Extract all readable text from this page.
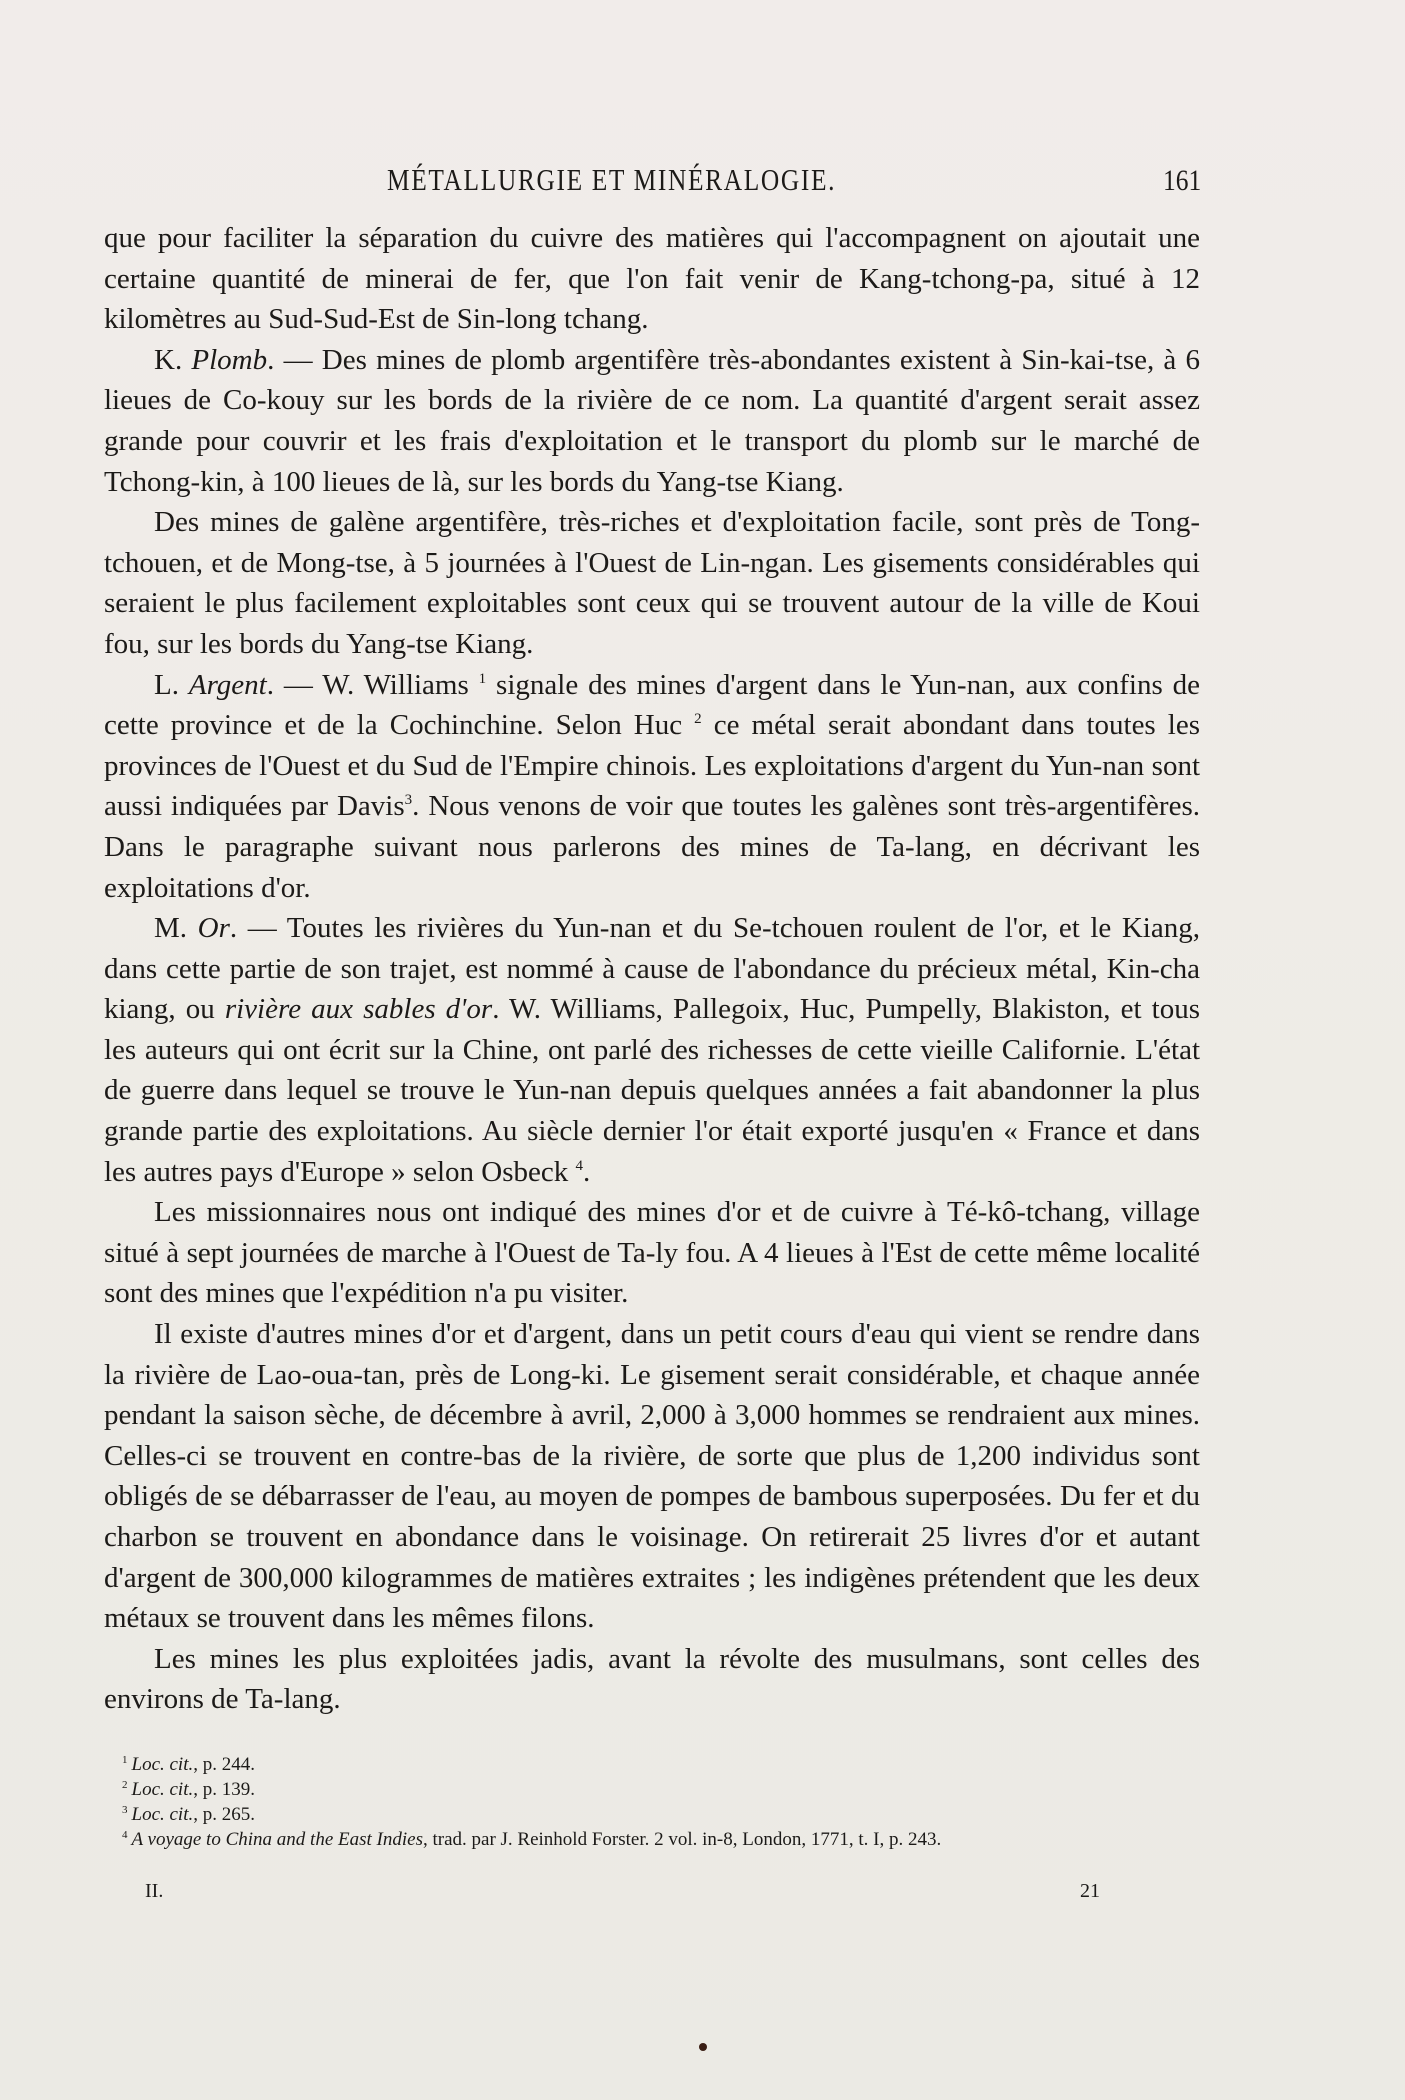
MÉTALLURGIE ET MINÉRALOGIE.	161

que pour faciliter la séparation du cuivre des matières qui l'accompagnent on ajoutait une certaine quantité de minerai de fer, que l'on fait venir de Kang-tchong-pa, situé à 12 kilomètres au Sud-Sud-Est de Sin-long tchang.

K. Plomb. — Des mines de plomb argentifère très-abondantes existent à Sin-kai-tse, à 6 lieues de Co-kouy sur les bords de la rivière de ce nom. La quantité d'argent serait assez grande pour couvrir et les frais d'exploitation et le transport du plomb sur le marché de Tchong-kin, à 100 lieues de là, sur les bords du Yang-tse Kiang.

Des mines de galène argentifère, très-riches et d'exploitation facile, sont près de Tong-tchouen, et de Mong-tse, à 5 journées à l'Ouest de Lin-ngan. Les gisements considérables qui seraient le plus facilement exploitables sont ceux qui se trouvent autour de la ville de Koui fou, sur les bords du Yang-tse Kiang.

L. Argent. — W. Williams $^1$ signale des mines d'argent dans le Yun-nan, aux confins de cette province et de la Cochinchine. Selon Huc $^2$ ce métal serait abondant dans toutes les provinces de l'Ouest et du Sud de l'Empire chinois. Les exploitations d'argent du Yun-nan sont aussi indiquées par Davis$^3$. Nous venons de voir que toutes les galènes sont très-argentifères. Dans le paragraphe suivant nous parlerons des mines de Ta-lang, en décrivant les exploitations d'or.

M. Or. — Toutes les rivières du Yun-nan et du Se-tchouen roulent de l'or, et le Kiang, dans cette partie de son trajet, est nommé à cause de l'abondance du précieux métal, Kin-cha kiang, ou rivière aux sables d'or. W. Williams, Pallegoix, Huc, Pumpelly, Blakiston, et tous les auteurs qui ont écrit sur la Chine, ont parlé des richesses de cette vieille Californie. L'état de guerre dans lequel se trouve le Yun-nan depuis quelques années a fait abandonner la plus grande partie des exploitations. Au siècle dernier l'or était exporté jusqu'en « France et dans les autres pays d'Europe » selon Osbeck $^4$.

Les missionnaires nous ont indiqué des mines d'or et de cuivre à Té-kô-tchang, village situé à sept journées de marche à l'Ouest de Ta-ly fou. A 4 lieues à l'Est de cette même localité sont des mines que l'expédition n'a pu visiter.

Il existe d'autres mines d'or et d'argent, dans un petit cours d'eau qui vient se rendre dans la rivière de Lao-oua-tan, près de Long-ki. Le gisement serait considérable, et chaque année pendant la saison sèche, de décembre à avril, 2,000 à 3,000 hommes se rendraient aux mines. Celles-ci se trouvent en contre-bas de la rivière, de sorte que plus de 1,200 individus sont obligés de se débarrasser de l'eau, au moyen de pompes de bambous superposées. Du fer et du charbon se trouvent en abondance dans le voisinage. On retirerait 25 livres d'or et autant d'argent de 300,000 kilogrammes de matières extraites ; les indigènes prétendent que les deux métaux se trouvent dans les mêmes filons.

Les mines les plus exploitées jadis, avant la révolte des musulmans, sont celles des environs de Ta-lang.

$^1$ Loc. cit., p. 244.
$^2$ Loc. cit., p. 139.
$^3$ Loc. cit., p. 265.
$^4$ A voyage to China and the East Indies, trad. par J. Reinhold Forster. 2 vol. in-8, London, 1771, t. I, p. 243.
II.	21
